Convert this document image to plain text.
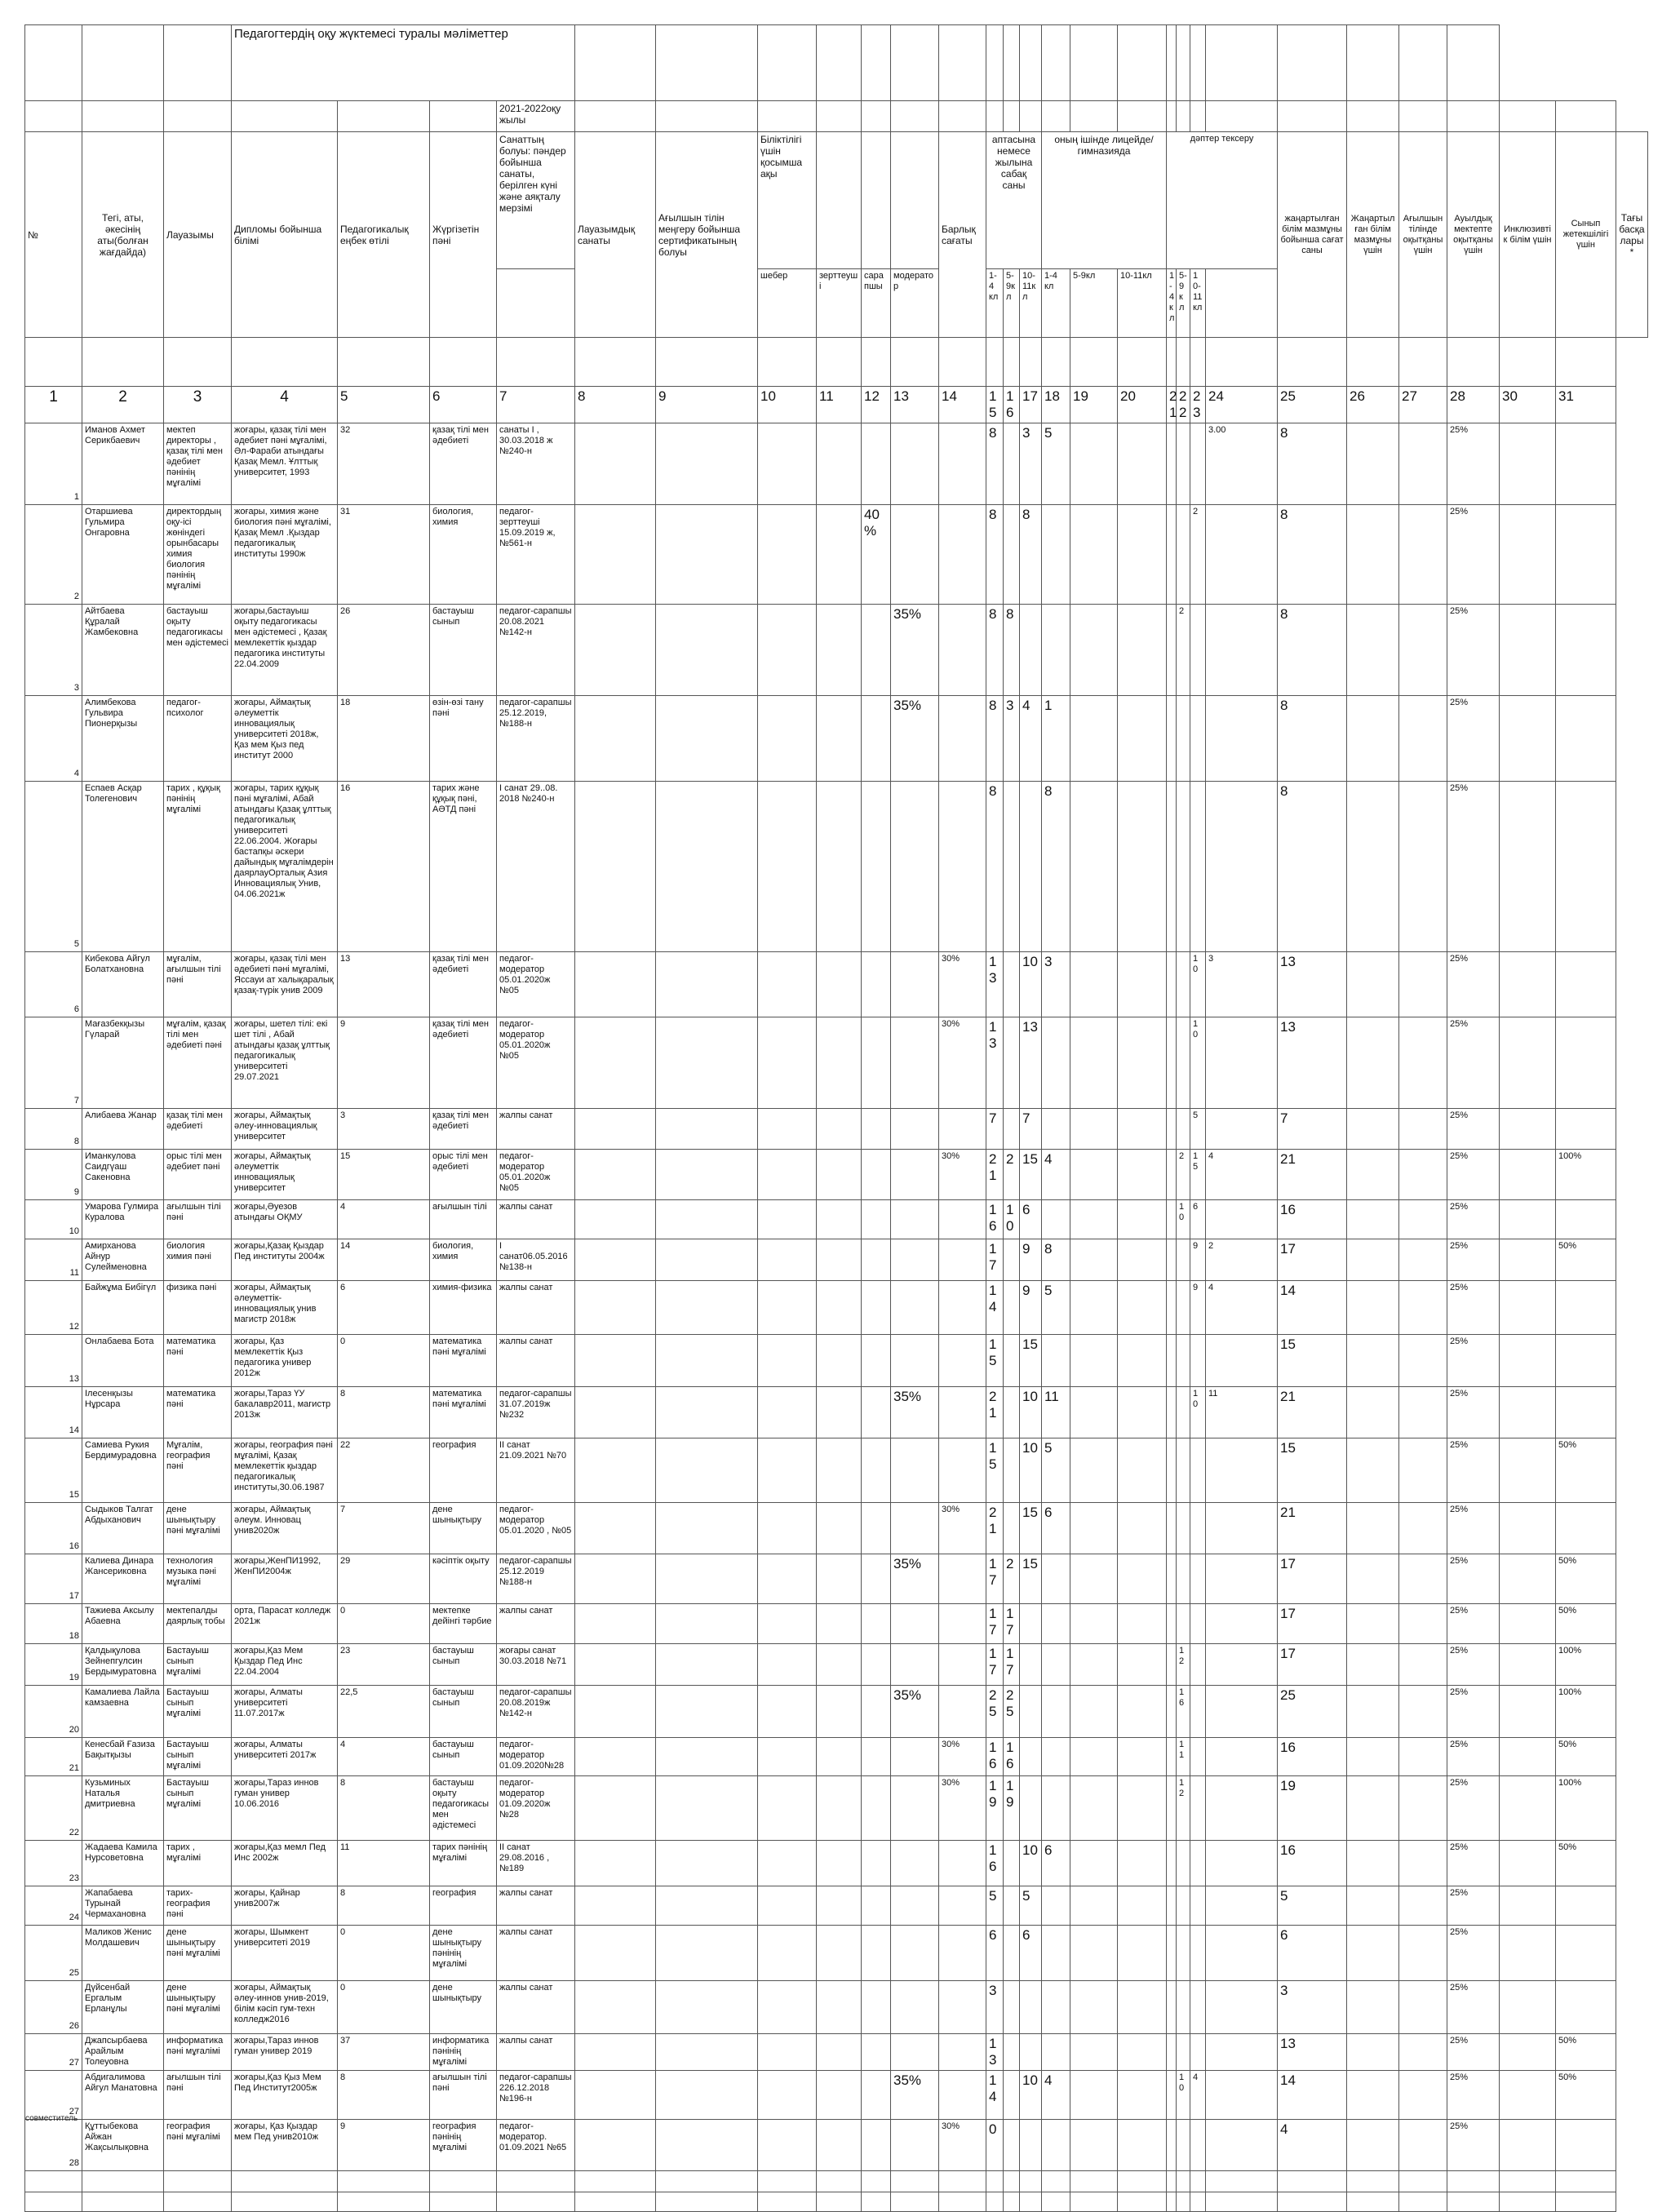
			Педагогтердің оқу жүктемесі туралы мәліметтер																											
						2021-2022оқу жылы																								
№	Тегі, аты, әкесінің аты(болған жағдайда)	Лауазымы	Дипломы бойынша білімі	Педагогикалық еңбек өтілі	Жүргізетін пәні	Санаттың болуы: пәндер бойынша санаты, берілген күні және аяқталу мерзімі	Лауазымдық санаты	Ағылшын тілін меңгеру бойынша сертификатының болуы	Біліктілігі үшін қосымша ақы				Барлық сағаты	аптасына немесе жылына сабақ саны			оның ішінде лицейде/гимназияда			дәптер тексеру				жаңартылған білім мазмұны бойынша сағат саны	Жаңартылған білім мазмұны үшін	Ағылшын тілінде оқытқаны үшін	Ауылдық мектепте оқытқаны үшін	Инклюзивтік білім үшін	Сынып жетекшілігі үшін	Тағы басқалары*
									шебер	зерттеуші	сарапшы	модератор		1-4 кл	5-9кл	10-11кл	1-4 кл	5-9кл	10-11кл	1-4 кл	5-9кл	10-11кл								

1	2	3	4	5	6	7	8	9	10	11	12	13	14	15	16	17	18	19	20	21	22	23	24	25	26	27	28	30	31	
1	Иманов Ахмет Серикбаевич	мектеп директоры , қазақ тілі мен әдебиет пәнінің мұғалімі	жоғары, қазақ тілі мен әдебиет пәні мұғалімі, Әл-Фараби атындағы Қазақ Мемл. Ұлттық университет, 1993	32	қазақ тілі мен әдебиеті	санаты I , 30.03.2018 ж №240-н								8		3	5						3.00	8			25%			
2	Отаршиева Гульмира Онгаровна	директордың оқу-ісі жөніндегі орынбасары химия биология пәнінің мұғалімі	жоғары, химия және биология пәні мұғалімі, Қазақ Мемл .Қыздар педагогикалық институты 1990ж	31	биология, химия	педагог-зерттеуші 15.09.2019 ж, №561-н					40%			8		8						2		8			25%			
3	Айтбаева Құралай Жамбековна	бастауыш оқыту педагогикасы мен әдістемесі	жоғары,бастауыш оқыту педагогикасы мен әдістемесі , Қазақ мемлекеттік қыздар педагогика институты 22.04.2009	26	бастауыш сынып	педагог-сарапшы 20.08.2021 №142-н						35%		8	8						2			8			25%			
4	Алимбекова Гульвира Пионерқызы	педагог-психолог	жоғары, Аймақтық әлеуметтік инновациялық университеті 2018ж, Қаз мем Қыз пед институт 2000	18	өзін-өзі тану пәні	педагог-сарапшы 25.12.2019, №188-н						35%		8	3	4	1							8			25%			
5	Еспаев Асқар Толегенович	тарих , құқық пәнінің мұғалімі	жоғары, тарих құқық пәні мұғалімі, Абай атындағы Қазақ ұлттық педагогикалық университеті 22.06.2004. Жоғары бастапқы әскери дайындық мұғалімдерін даярлауОрталық Азия Инновациялық Унив, 04.06.2021ж	16	тарих және құқық пәні, АӘТД пәні	I санат 29..08. 2018 №240-н								8			8							8			25%			
6	Кибекова Айгул Болатхановна	мұғалім, ағылшын тілі пәні	жоғары, қазақ тілі мен әдебиеті пәні мұғалімі, Яссауи ат халықаралық қазақ-түрік унив 2009	13	қазақ тілі мен әдебиеті	педагог-модератор 05.01.2020ж №05							30%	13		10	3					10	3	13			25%			
7	Мағазбекқызы Гүларай	мұғалім, қазақ тілі мен әдебиеті пәні	жоғары, шетел тілі: екі шет тілі , Абай атындағы қазақ ұлттық педагогикалық университеті 29.07.2021	9	қазақ тілі мен әдебиеті	педагог-модератор 05.01.2020ж №05							30%	13		13						10		13			25%			
8	Алибаева Жанар	қазақ тілі мен әдебиеті	жоғары, Аймақтық әлеу-инновациялық университет	3	қазақ тілі мен әдебиеті	жалпы санат								7		7						5		7			25%			
9	Иманкулова Саидгүаш Сакеновна	орыс тілі мен әдебиет пәні	жоғары, Аймақтық әлеуметтік инновациялық университет	15	орыс тілі мен әдебиеті	педагог-модератор 05.01.2020ж №05							30%	21	2	15	4				2	15	4	21			25%		100%	
10	Умарова Гулмира Куралова	ағылшын тілі пәні	жоғары,Әуезов атындағы ОҚМУ	4	ағылшын тілі	жалпы санат								16	10	6					10	6		16			25%			
11	Амирханова Айнур Сулейменовна	биология химия пәні	жоғары,Қазақ Қыздар Пед институты 2004ж	14	биология, химия	I санат06.05.2016 №138-н								17		9	8					9	2	17			25%		50%	
12	Байжұма Бибігүл	физика пәні	жоғары, Аймақтық әлеуметтік-инновациялық унив магистр 2018ж	6	химия-физика	жалпы санат								14		9	5					9	4	14			25%			
13	Онлабаева Бота	математика пәні	жоғары, Қаз мемлекеттік Қыз педагогика универ 2012ж	0	математика пәні мұғалімі	жалпы санат								15		15								15			25%			
14	Ілесенқызы Нұрсара	математика пәні	жоғары,Тараз ҮУ бакалавр2011, магистр 2013ж	8	математика пәні мұғалімі	педагог-сарапшы 31.07.2019ж №232						35%		21		10	11					10	11	21			25%			
15	Самиева Рукия Бердимурадовна	Мұғалім, география пәні	жоғары, география пәні мұғалімі, Қазақ мемлекеттік қыздар педагогикалық институты,30.06.1987	22	география	II санат 21.09.2021 №70								15		10	5							15			25%		50%	
16	Сыдыков Талгат Абдыханович	дене шынықтыру пәні мұғалімі	жоғары, Аймақтық әлеум. Инновац унив2020ж	7	дене шынықтыру	педагог-модератор 05.01.2020 , №05							30%	21		15	6							21			25%			
17	Калиева Динара Жансериковна	технология музыка пәні мұғалімі	жоғары,ЖенПИ1992, ЖенПИ2004ж	29	кәсіптік оқыту	педагог-сарапшы 25.12.2019 №188-н						35%		17	2	15								17			25%		50%	
18	Тажиева Аксылу Абаевна	мектепалды даярлық тобы	орта, Парасат колледж 2021ж	0	мектепке дейінгі тәрбие	жалпы санат								17	17									17			25%		50%	
19	Қалдықулова Зейнепгулсин Бердымуратовна	Бастауыш сынып мұғалімі	жоғары,Қаз Мем Қыздар Пед Инс 22.04.2004	23	бастауыш сынып	жоғары санат 30.03.2018 №71								17	17						12			17			25%		100%	
20	Камалиева Лайла камзаевна	Бастауыш сынып мұғалімі	жоғары, Алматы университеті 11.07.2017ж	22,5	бастауыш сынып	педагог-сарапшы 20.08.2019ж №142-н						35%		25	25						16			25			25%		100%	
21	Кенесбай Ғазиза Бақытқызы	Бастауыш сынып мұғалімі	жоғары, Алматы университеті 2017ж	4	бастауыш сынып	педагог-модератор 01.09.2020№28							30%	16	16						11			16			25%		50%	
22	Кузьминых Наталья дмитриевна	Бастауыш сынып мұғалімі	жоғары,Тараз иннов гуман универ 10.06.2016	8	бастауыш оқыту педагогикасы мен әдістемесі	педагог-модератор 01.09.2020ж №28							30%	19	19						12			19			25%		100%	
23	Жадаева Камила Нурсоветовна	тарих , мұғалімі	жоғары,Қаз мемл Пед Инс 2002ж	11	тарих пәнінің мұғалімі	II санат 29.08.2016 , №189								16		10	6							16			25%		50%	
24	Жапабаева Турынай Чермахановна	тарих-география пәні	жоғары, Қайнар унив2007ж	8	география	жалпы санат								5		5								5			25%			
25	Маликов Женис Молдашевич	дене шынықтыру пәні мұғалімі	жоғары, Шымкент университеті 2019	0	дене шынықтыру пәнінің мұғалімі	жалпы санат								6		6								6			25%			
26	Дүйсенбай Ергалым Ерланұлы	дене шынықтыру пәні мұғалімі	жоғары, Аймақтық әлеу-иннов унив-2019, білім кәсіп гум-техн колледж2016	0	дене шынықтыру	жалпы санат								3										3			25%			
27	Джапсырбаева Арайлым Толеуовна	информатика пәні мұғалімі	жоғары,Тараз иннов гуман универ 2019	37	информатика пәнінің мұғалімі	жалпы санат								13										13			25%		50%	
27	Абдигалимова Айгул Манатовна	ағылшын тілі пәні	жоғары,Қаз Қыз Мем Пед Институт2005ж	8	ағылшын тілі пәні	педагог-сарапшы 226.12.2018 №196-н						35%		14		10	4				10	4		14			25%		50%	
28	Құттыбекова Айжан Жақсылықовна	география пәні мұғалімі	жоғары, Қаз Қыздар мем Пед унив2010ж	9	география пәнінің мұғалімі	педагог-модератор. 01.09.2021 №65							30%	0										4			25%			

совместитель
